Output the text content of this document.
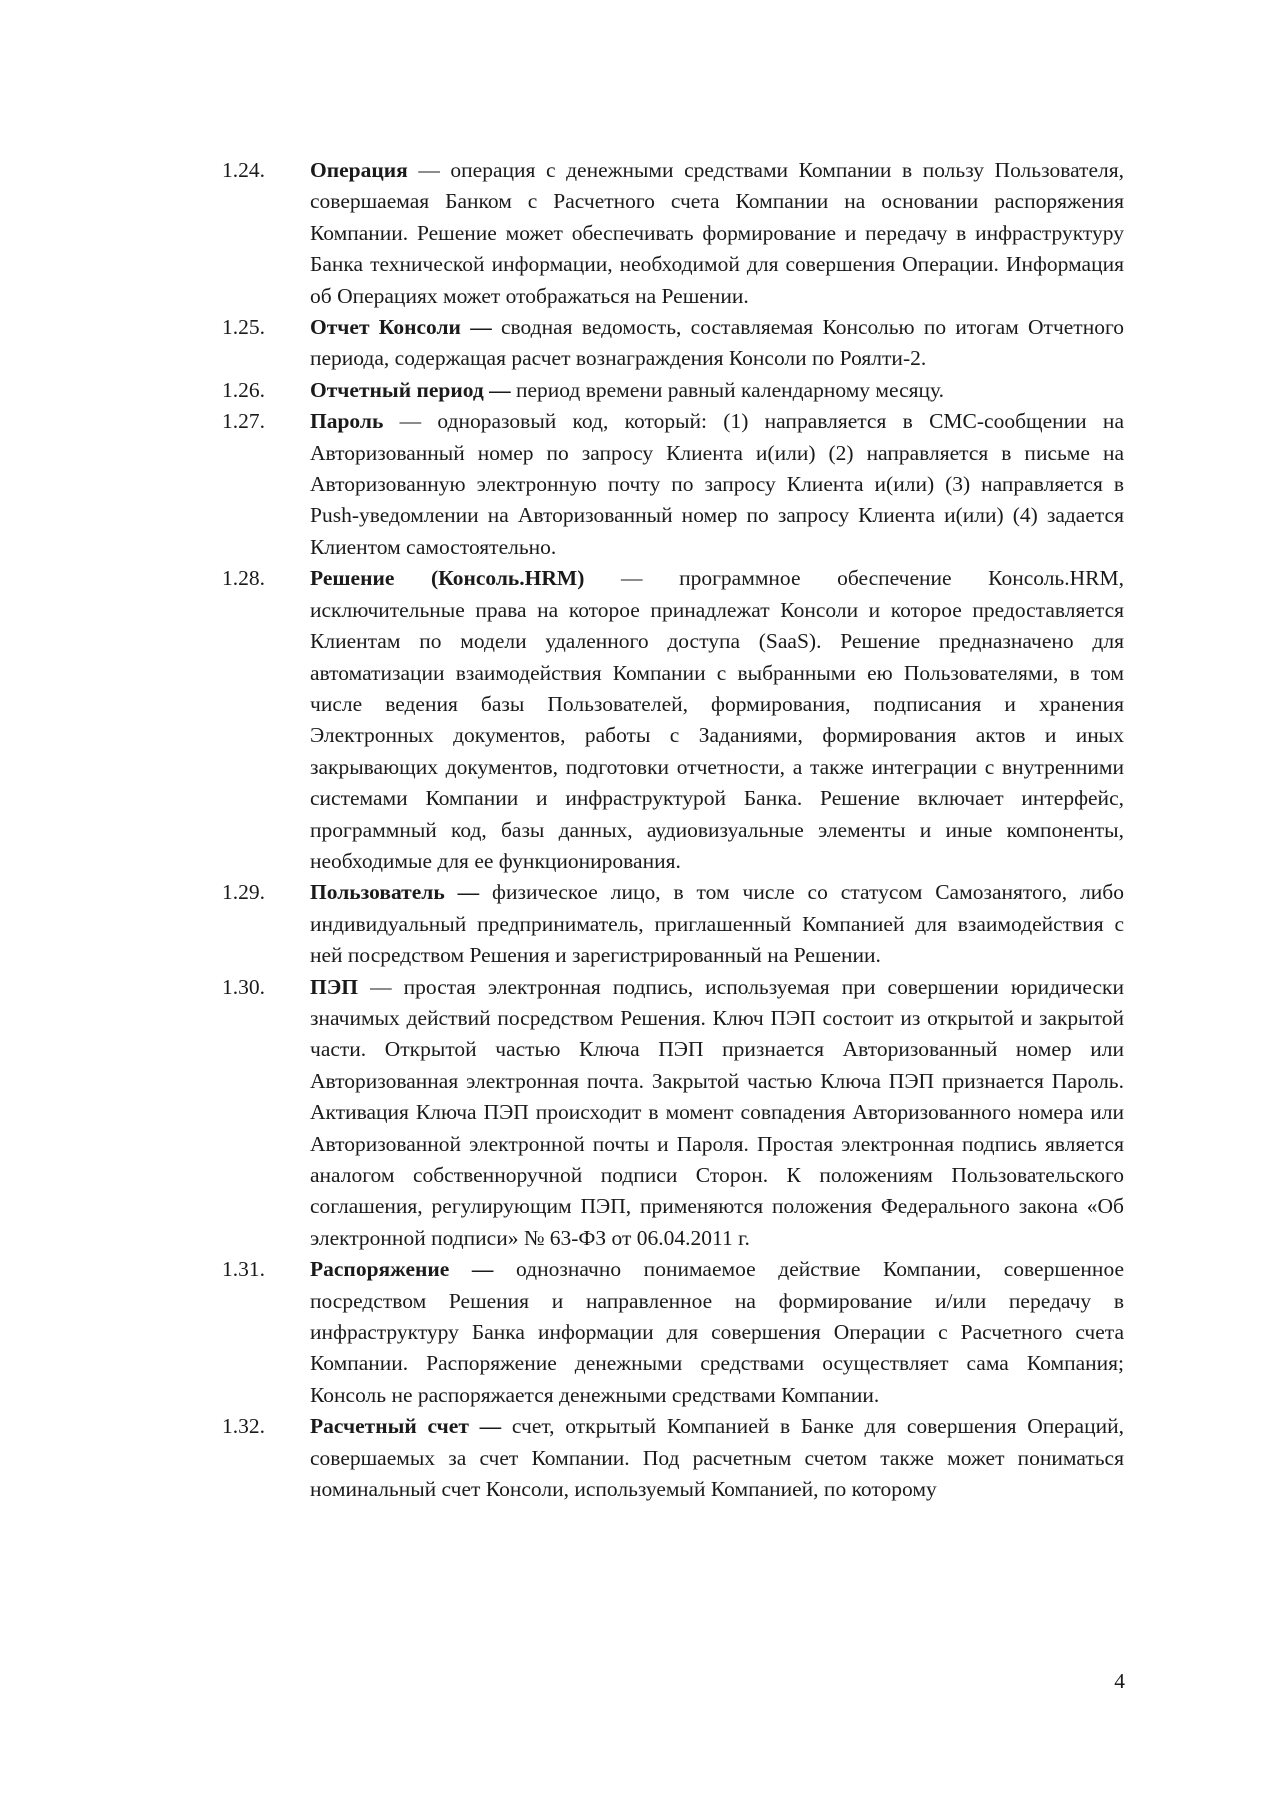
1.24.	Операция — операция с денежными средствами Компании в пользу Пользователя, совершаемая Банком с Расчетного счета Компании на основании распоряжения Компании. Решение может обеспечивать формирование и передачу в инфраструктуру Банка технической информации, необходимой для совершения Операции. Информация об Операциях может отображаться на Решении.
1.25.	Отчет Консоли — сводная ведомость, составляемая Консолью по итогам Отчетного периода, содержащая расчет вознаграждения Консоли по Роялти-2.
1.26.	Отчетный период — период времени равный календарному месяцу.
1.27.	Пароль — одноразовый код, который: (1) направляется в СМС-сообщении на Авторизованный номер по запросу Клиента и(или) (2) направляется в письме на Авторизованную электронную почту по запросу Клиента и(или) (3) направляется в Push-уведомлении на Авторизованный номер по запросу Клиента и(или) (4) задается Клиентом самостоятельно.
1.28.	Решение (Консоль.HRM) — программное обеспечение Консоль.HRM, исключительные права на которое принадлежат Консоли и которое предоставляется Клиентам по модели удаленного доступа (SaaS). Решение предназначено для автоматизации взаимодействия Компании с выбранными ею Пользователями, в том числе ведения базы Пользователей, формирования, подписания и хранения Электронных документов, работы с Заданиями, формирования актов и иных закрывающих документов, подготовки отчетности, а также интеграции с внутренними системами Компании и инфраструктурой Банка. Решение включает интерфейс, программный код, базы данных, аудиовизуальные элементы и иные компоненты, необходимые для ее функционирования.
1.29.	Пользователь — физическое лицо, в том числе со статусом Самозанятого, либо индивидуальный предприниматель, приглашенный Компанией для взаимодействия с ней посредством Решения и зарегистрированный на Решении.
1.30.	ПЭП — простая электронная подпись, используемая при совершении юридически значимых действий посредством Решения. Ключ ПЭП состоит из открытой и закрытой части. Открытой частью Ключа ПЭП признается Авторизованный номер или Авторизованная электронная почта. Закрытой частью Ключа ПЭП признается Пароль. Активация Ключа ПЭП происходит в момент совпадения Авторизованного номера или Авторизованной электронной почты и Пароля. Простая электронная подпись является аналогом собственноручной подписи Сторон. К положениям Пользовательского соглашения, регулирующим ПЭП, применяются положения Федерального закона «Об электронной подписи» № 63-ФЗ от 06.04.2011 г.
1.31.	Распоряжение — однозначно понимаемое действие Компании, совершенное посредством Решения и направленное на формирование и/или передачу в инфраструктуру Банка информации для совершения Операции с Расчетного счета Компании. Распоряжение денежными средствами осуществляет сама Компания; Консоль не распоряжается денежными средствами Компании.
1.32.	Расчетный счет — счет, открытый Компанией в Банке для совершения Операций, совершаемых за счет Компании. Под расчетным счетом также может пониматься номинальный счет Консоли, используемый Компанией, по которому
4
